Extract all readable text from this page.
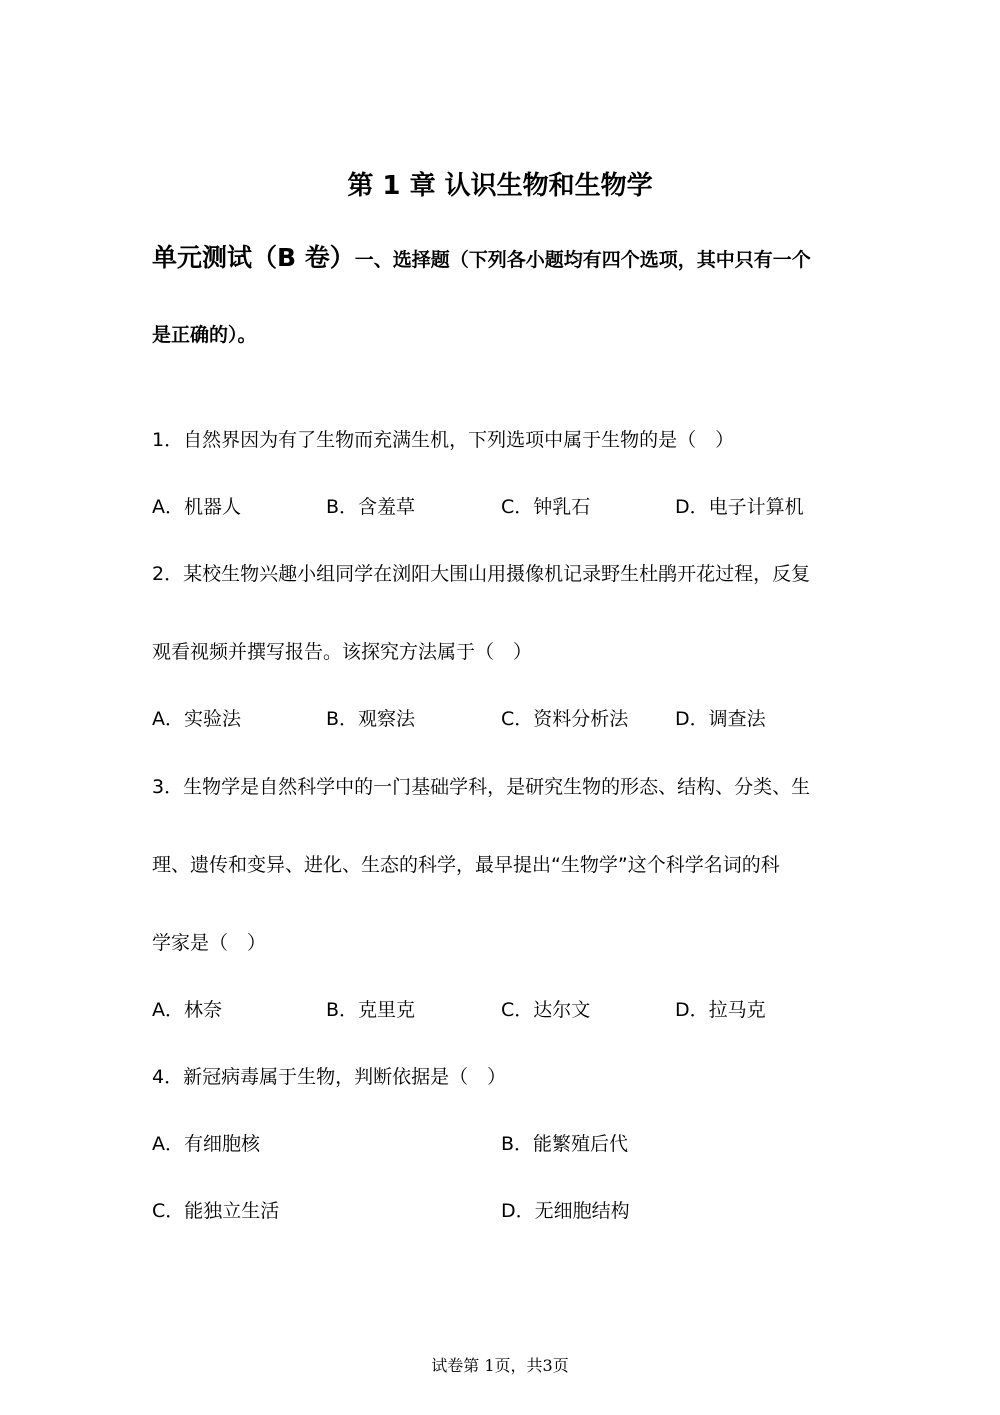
第 1 章 认识生物和生物学
单元测试（B 卷）一、选择题（下列各小题均有四个选项，其中只有一个
是正确的）。
1．自然界因为有了生物而充满生机，下列选项中属于生物的是（　）
A．机器人	B．含羞草	C．钟乳石	D．电子计算机
2．某校生物兴趣小组同学在浏阳大围山用摄像机记录野生杜鹃开花过程，反复
观看视频并撰写报告。该探究方法属于（　）
A．实验法	B．观察法	C．资料分析法 D．调查法
3．生物学是自然科学中的一门基础学科，是研究生物的形态、结构、分类、生
理、遗传和变异、进化、生态的科学，最早提出“生物学”这个科学名词的科
学家是（　）
A．林奈	B．克里克	C．达尔文	D．拉马克
4．新冠病毒属于生物，判断依据是（　）
A．有细胞核	B．能繁殖后代
C．能独立生活	D．无细胞结构
试卷第 1页，共3页
